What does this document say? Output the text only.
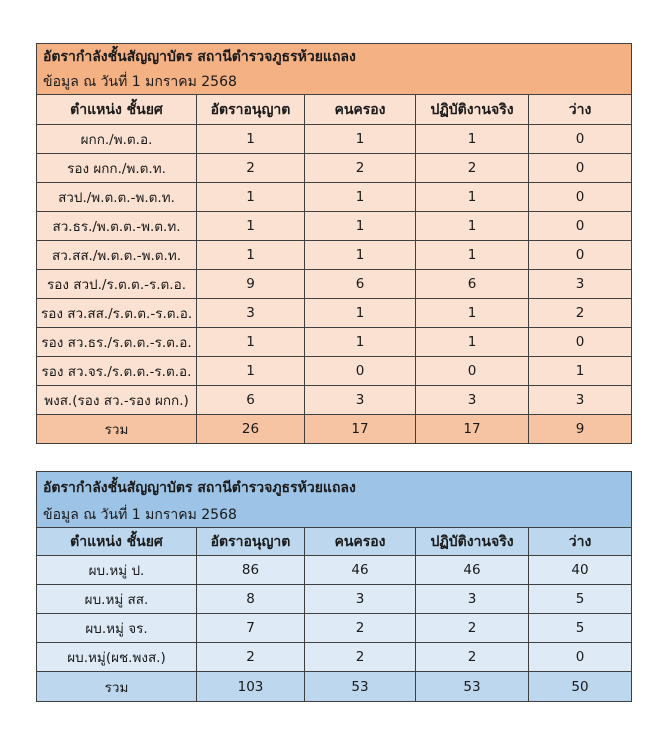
อัตรากำลังชั้นสัญญาบัตร สถานีตำรวจภูธรห้วยแถลง				
ข้อมูล ณ วันที่ 1 มกราคม 2568				
ตำแหน่ง ชั้นยศ	อัตราอนุญาต	คนครอง	ปฏิบัติงานจริง	ว่าง
ผกก./พ.ต.อ.	1	1	1	0
รอง ผกก./พ.ต.ท.	2	2	2	0
สวป./พ.ต.ต.-พ.ต.ท.	1	1	1	0
สว.ธร./พ.ต.ต.-พ.ต.ท.	1	1	1	0
สว.สส./พ.ต.ต.-พ.ต.ท.	1	1	1	0
รอง สวป./ร.ต.ต.-ร.ต.อ.	9	6	6	3
รอง สว.สส./ร.ต.ต.-ร.ต.อ.	3	1	1	2
รอง สว.ธร./ร.ต.ต.-ร.ต.อ.	1	1	1	0
รอง สว.จร./ร.ต.ต.-ร.ต.อ.	1	0	0	1
พงส.(รอง สว.-รอง ผกก.)	6	3	3	3
รวม	26	17	17	9
อัตรากำลังชั้นสัญญาบัตร สถานีตำรวจภูธรห้วยแถลง				
ข้อมูล ณ วันที่ 1 มกราคม 2568				
ตำแหน่ง ชั้นยศ	อัตราอนุญาต	คนครอง	ปฏิบัติงานจริง	ว่าง
ผบ.หมู่ ป.	86	46	46	40
ผบ.หมู่ สส.	8	3	3	5
ผบ.หมู่ จร.	7	2	2	5
ผบ.หมู่(ผช.พงส.)	2	2	2	0
รวม	103	53	53	50
